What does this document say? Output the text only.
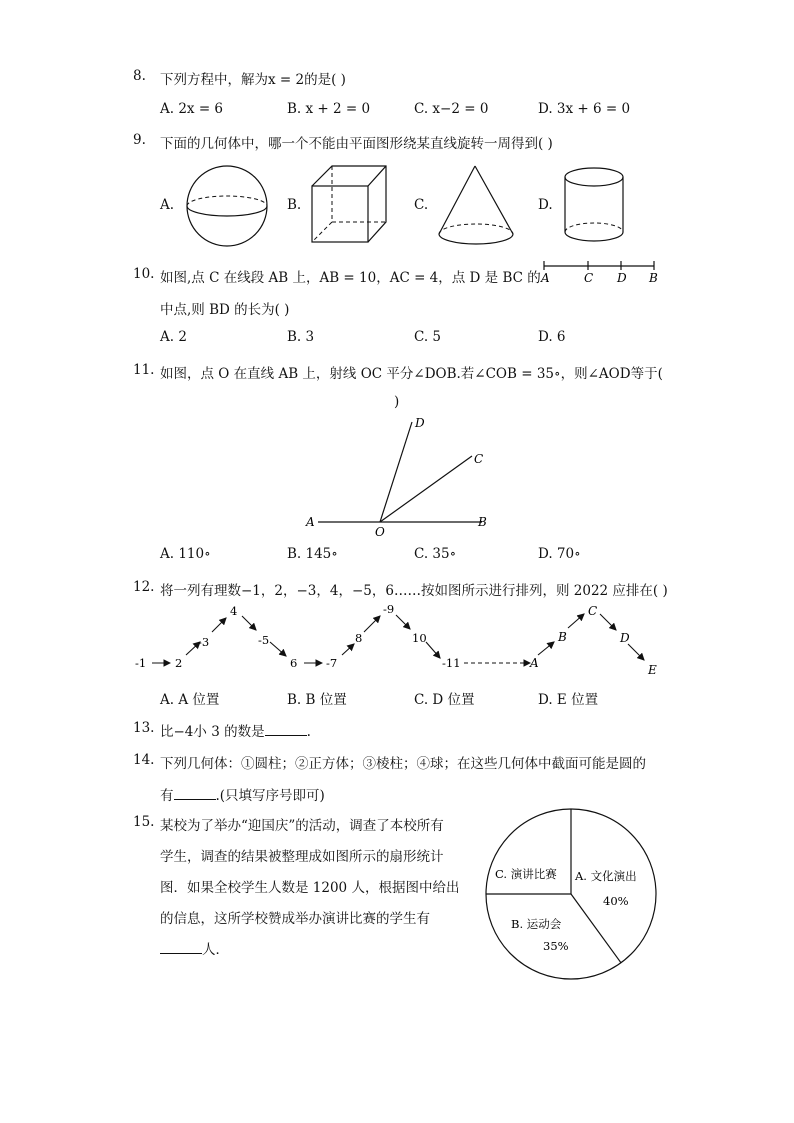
8. 下列方程中，解为x = 2的是( )
A. 2x = 6	B. x + 2 = 0	C. x−2 = 0	D. 3x + 6 = 0
9. 下面的几何体中，哪一个不能由平面图形绕某直线旋转一周得到( )
A.	B.	C.	D.
10. 如图,点 C 在线段 AB 上，AB = 10，AC = 4，点 D 是 BC 的
中点,则 BD 的长为( )
A. 2	B. 3	C. 5	D. 6
A	C D B
11. 如图，点 O 在直线 AB 上，射线 OC 平分∠DOB.若∠COB = 35∘，则∠AOD等于(
)
D
C
A
O
B
A. 110∘	B. 145∘	C. 35∘	D. 70∘
12. 将一列有理数−1，2，−3，4，−5，6……按如图所示进行排列，则 2022 应排在( )
-1	2
-3
4
-5
6 -7
8
-9
10
-11	A
B
C
D
E
A. A 位置	B. B 位置	C. D 位置	D. E 位置
13. 比−4小 3 的数是	.
14. 下列几何体：①圆柱；②正方体；③棱柱；④球；在这些几何体中截面可能是圆的
有	.(只填写序号即可)
15. 某校为了举办“迎国庆”的活动，调查了本校所有
学生，调查的结果被整理成如图所示的扇形统计
图．如果全校学生人数是 1200 人，根据图中给出
的信息，这所学校赞成举办演讲比赛的学生有
人．
C. 演讲比赛 A. 文化演出
40%
B. 运动会
35%
